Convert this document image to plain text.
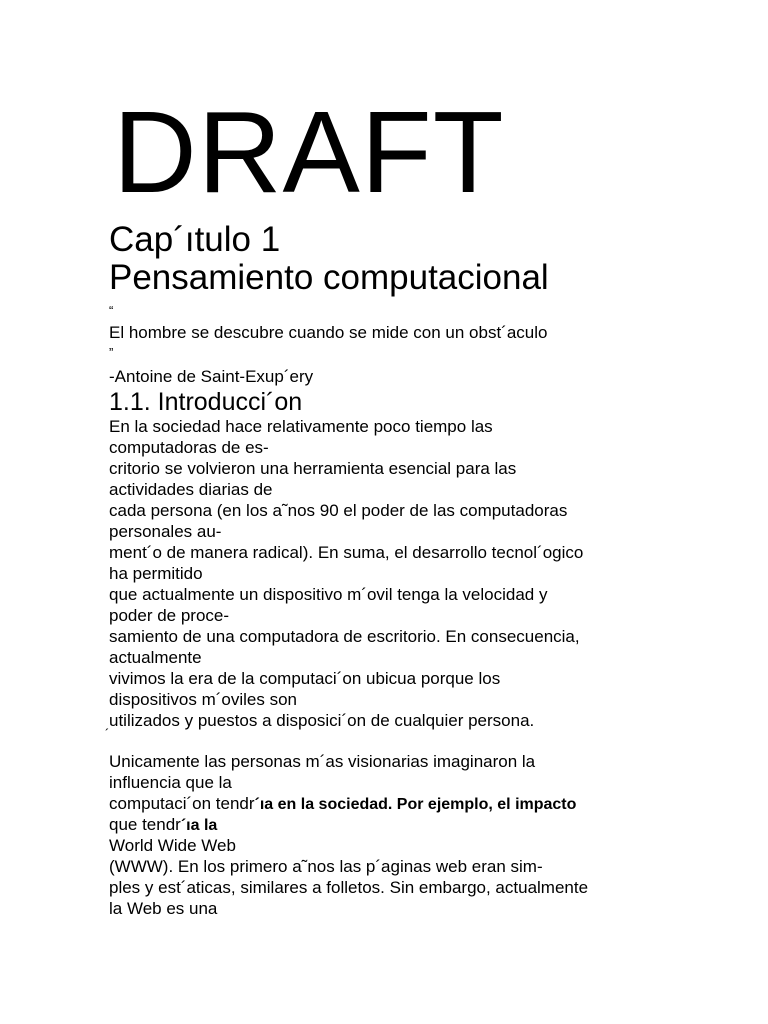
DRAFT
Cap´ıtulo 1
Pensamiento computacional
“
El hombre se descubre cuando se mide con un obst´aculo
”
-Antoine de Saint-Exup´ery
1.1. Introducci´on
En la sociedad hace relativamente poco tiempo las
computadoras de es-
critorio se volvieron una herramienta esencial para las
actividades diarias de
cada persona (en los a˜nos 90 el poder de las computadoras
personales au-
ment´o de manera radical). En suma, el desarrollo tecnol´ogico
ha permitido
que actualmente un dispositivo m´ovil tenga la velocidad y
poder de proce-
samiento de una computadora de escritorio. En consecuencia,
actualmente
vivimos la era de la computaci´on ubicua porque los
dispositivos m´oviles son
utilizados y puestos a disposici´on de cualquier persona.
´
Unicamente las personas m´as visionarias imaginaron la
influencia que la
computaci´on tendr´ıa en la sociedad. Por ejemplo, el impacto
que tendr´ıa la
World Wide Web
(WWW). En los primero a˜nos las p´aginas web eran sim-
ples y est´aticas, similares a folletos. Sin embargo, actualmente
la Web es una
